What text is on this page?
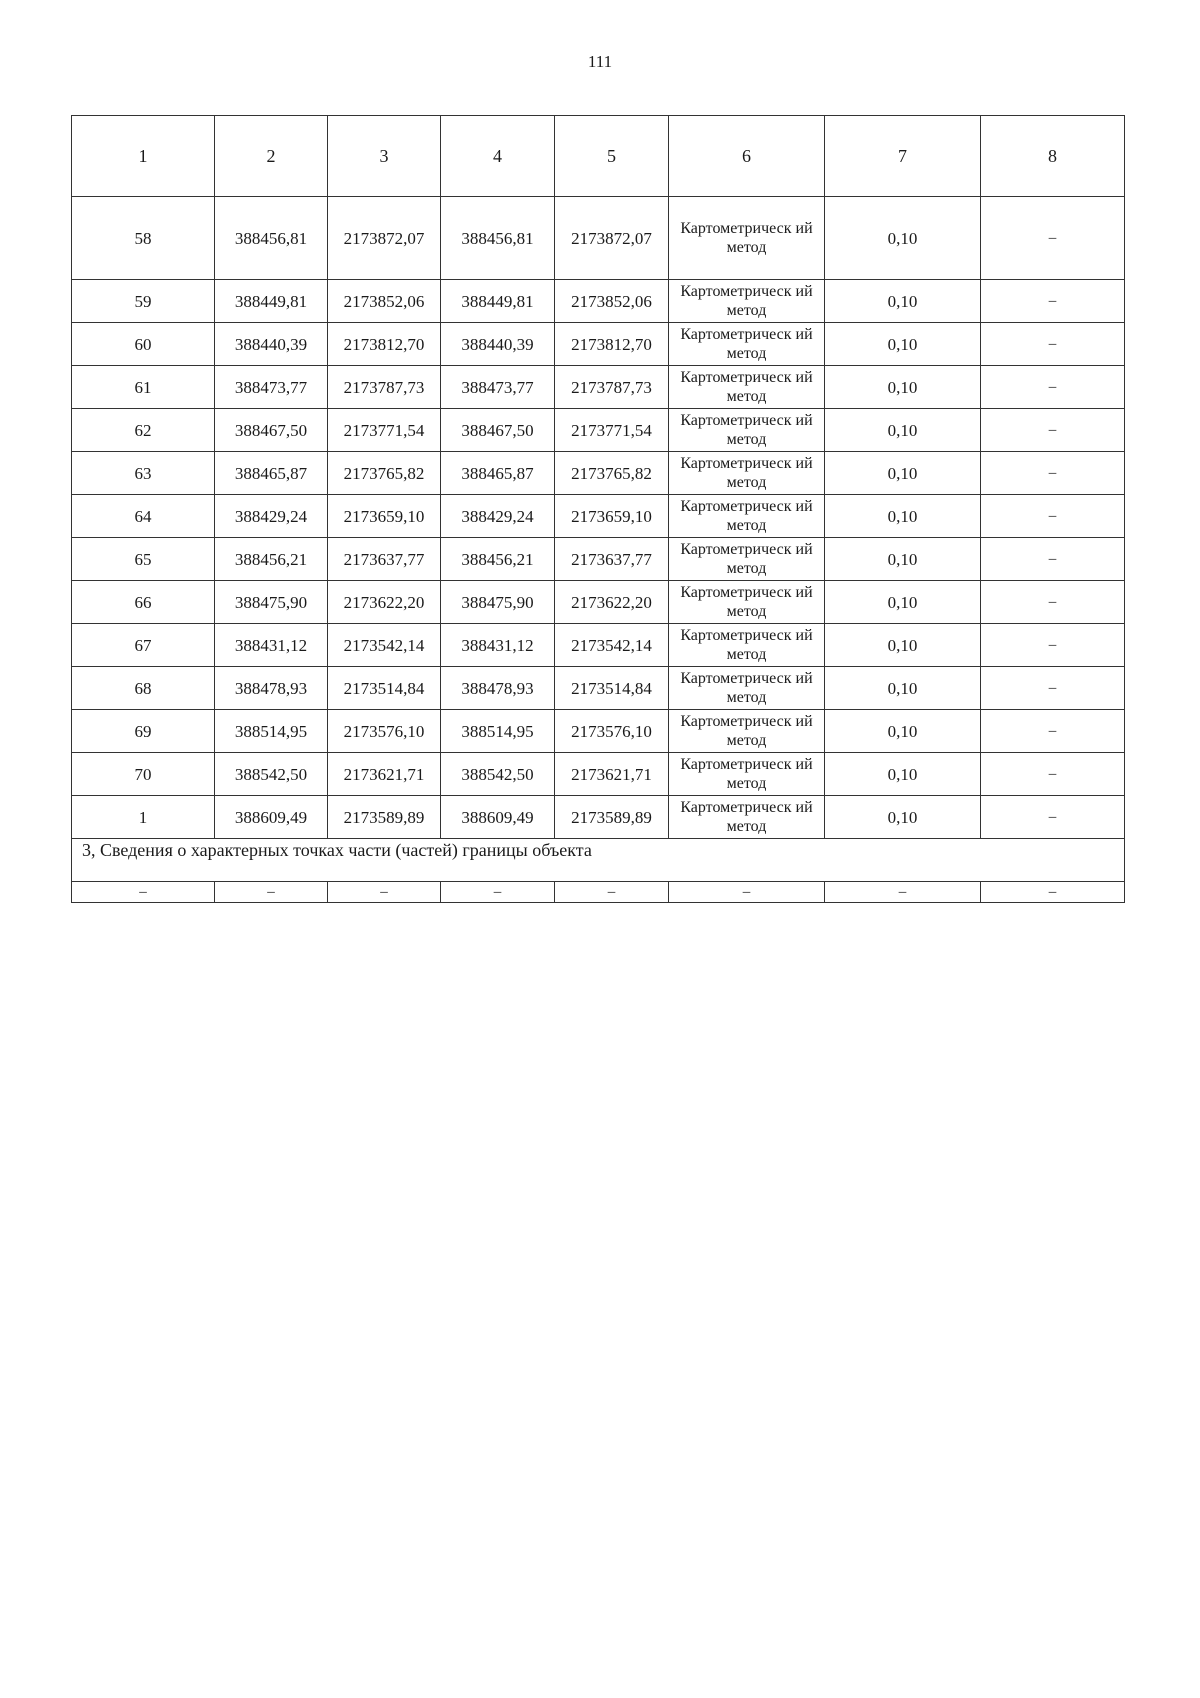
111
1	2	3	4	5	6	7	8
58	388456,81	2173872,07	388456,81	2173872,07	Картометрическ ий метод	0,10	–
59	388449,81	2173852,06	388449,81	2173852,06	Картометрическ ий метод	0,10	–
60	388440,39	2173812,70	388440,39	2173812,70	Картометрическ ий метод	0,10	–
61	388473,77	2173787,73	388473,77	2173787,73	Картометрическ ий метод	0,10	–
62	388467,50	2173771,54	388467,50	2173771,54	Картометрическ ий метод	0,10	–
63	388465,87	2173765,82	388465,87	2173765,82	Картометрическ ий метод	0,10	–
64	388429,24	2173659,10	388429,24	2173659,10	Картометрическ ий метод	0,10	–
65	388456,21	2173637,77	388456,21	2173637,77	Картометрическ ий метод	0,10	–
66	388475,90	2173622,20	388475,90	2173622,20	Картометрическ ий метод	0,10	–
67	388431,12	2173542,14	388431,12	2173542,14	Картометрическ ий метод	0,10	–
68	388478,93	2173514,84	388478,93	2173514,84	Картометрическ ий метод	0,10	–
69	388514,95	2173576,10	388514,95	2173576,10	Картометрическ ий метод	0,10	–
70	388542,50	2173621,71	388542,50	2173621,71	Картометрическ ий метод	0,10	–
1	388609,49	2173589,89	388609,49	2173589,89	Картометрическ ий метод	0,10	–
3, Сведения о характерных точках части (частей) границы объекта							
–	–	–	–	–	–	–	–
